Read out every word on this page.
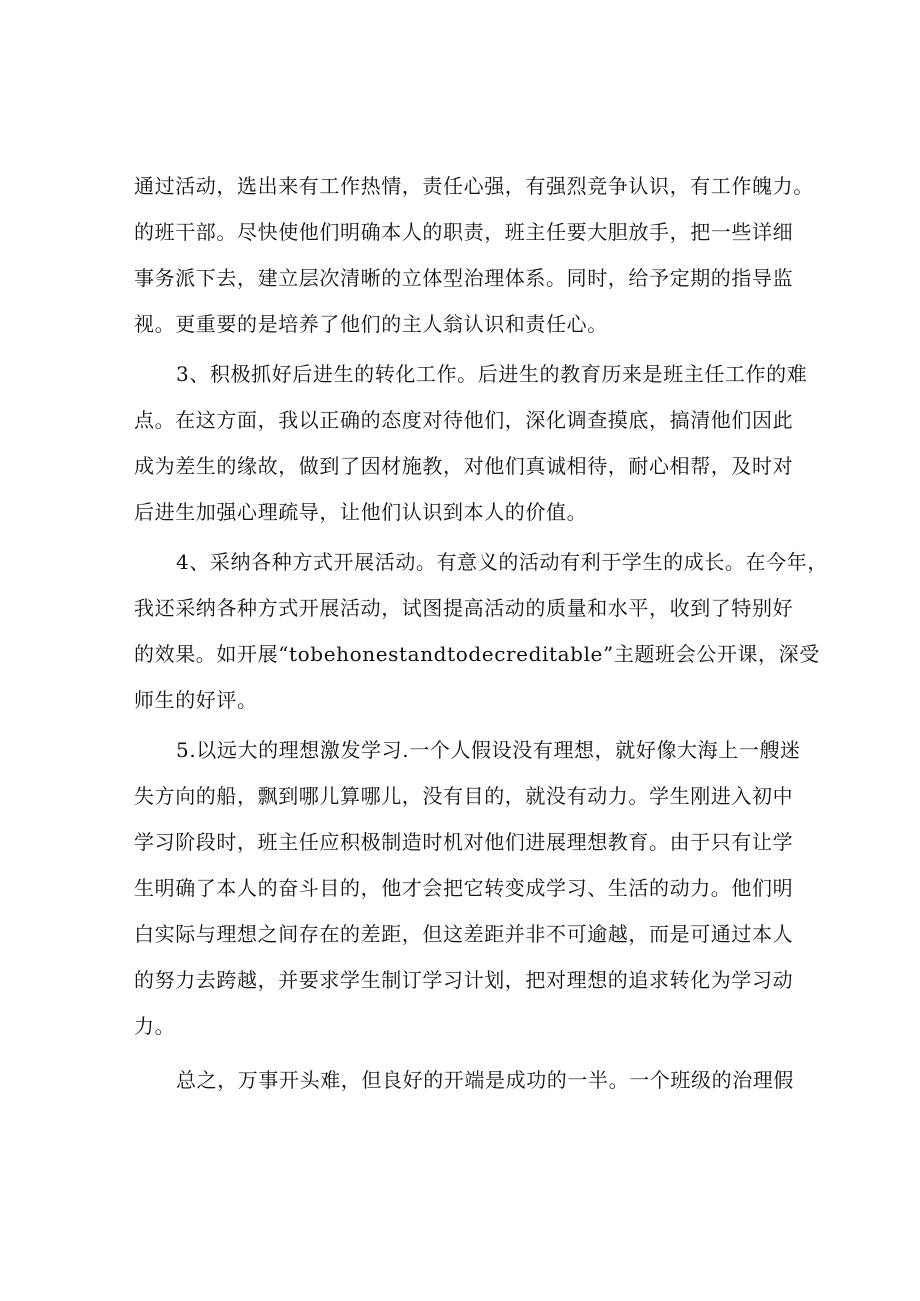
通过活动，选出来有工作热情，责任心强，有强烈竞争认识，有工作魄力。

的班干部。尽快使他们明确本人的职责，班主任要大胆放手，把一些详细

事务派下去，建立层次清晰的立体型治理体系。同时，给予定期的指导监

视。更重要的是培养了他们的主人翁认识和责任心。

3、积极抓好后进生的转化工作。后进生的教育历来是班主任工作的难

点。在这方面，我以正确的态度对待他们，深化调查摸底，搞清他们因此

成为差生的缘故，做到了因材施教，对他们真诚相待，耐心相帮，及时对

后进生加强心理疏导，让他们认识到本人的价值。

4、采纳各种方式开展活动。有意义的活动有利于学生的成长。在今年，

我还采纳各种方式开展活动，试图提高活动的质量和水平，收到了特别好

的效果。如开展“tobehonestandtodecreditable”主题班会公开课，深受

师生的好评。

5.以远大的理想激发学习.一个人假设没有理想，就好像大海上一艘迷

失方向的船，飘到哪儿算哪儿，没有目的，就没有动力。学生刚进入初中

学习阶段时，班主任应积极制造时机对他们进展理想教育。由于只有让学

生明确了本人的奋斗目的，他才会把它转变成学习、生活的动力。他们明

白实际与理想之间存在的差距，但这差距并非不可逾越，而是可通过本人

的努力去跨越，并要求学生制订学习计划，把对理想的追求转化为学习动

力。

总之，万事开头难，但良好的开端是成功的一半。一个班级的治理假
